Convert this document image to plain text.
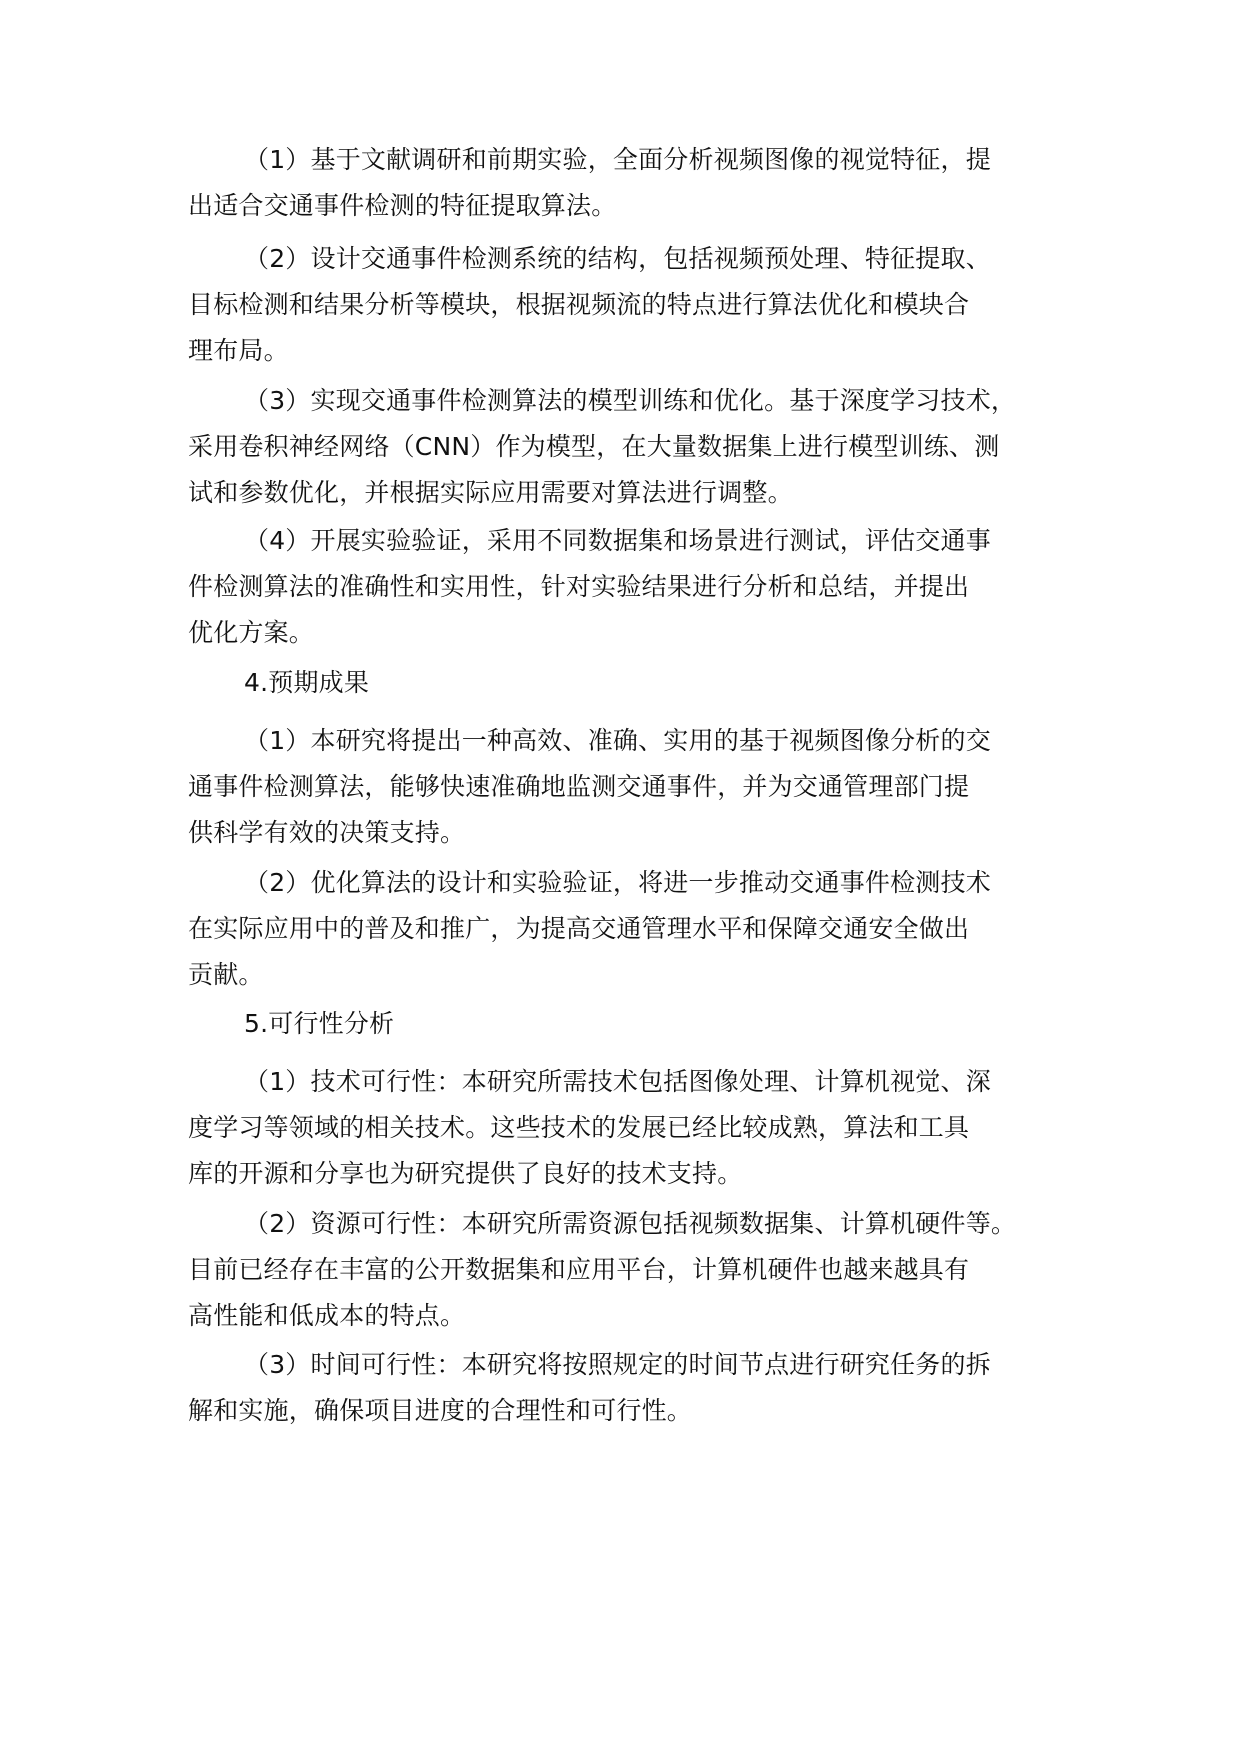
（1）基于文献调研和前期实验，全面分析视频图像的视觉特征，提
出适合交通事件检测的特征提取算法。
（2）设计交通事件检测系统的结构，包括视频预处理、特征提取、
目标检测和结果分析等模块，根据视频流的特点进行算法优化和模块合
理布局。
（3）实现交通事件检测算法的模型训练和优化。基于深度学习技术，
采用卷积神经网络（CNN）作为模型，在大量数据集上进行模型训练、测
试和参数优化，并根据实际应用需要对算法进行调整。
（4）开展实验验证，采用不同数据集和场景进行测试，评估交通事
件检测算法的准确性和实用性，针对实验结果进行分析和总结，并提出
优化方案。
4.预期成果
（1）本研究将提出一种高效、准确、实用的基于视频图像分析的交
通事件检测算法，能够快速准确地监测交通事件，并为交通管理部门提
供科学有效的决策支持。
（2）优化算法的设计和实验验证，将进一步推动交通事件检测技术
在实际应用中的普及和推广，为提高交通管理水平和保障交通安全做出
贡献。
5.可行性分析
（1）技术可行性：本研究所需技术包括图像处理、计算机视觉、深
度学习等领域的相关技术。这些技术的发展已经比较成熟，算法和工具
库的开源和分享也为研究提供了良好的技术支持。
（2）资源可行性：本研究所需资源包括视频数据集、计算机硬件等。
目前已经存在丰富的公开数据集和应用平台，计算机硬件也越来越具有
高性能和低成本的特点。
（3）时间可行性：本研究将按照规定的时间节点进行研究任务的拆
解和实施，确保项目进度的合理性和可行性。
